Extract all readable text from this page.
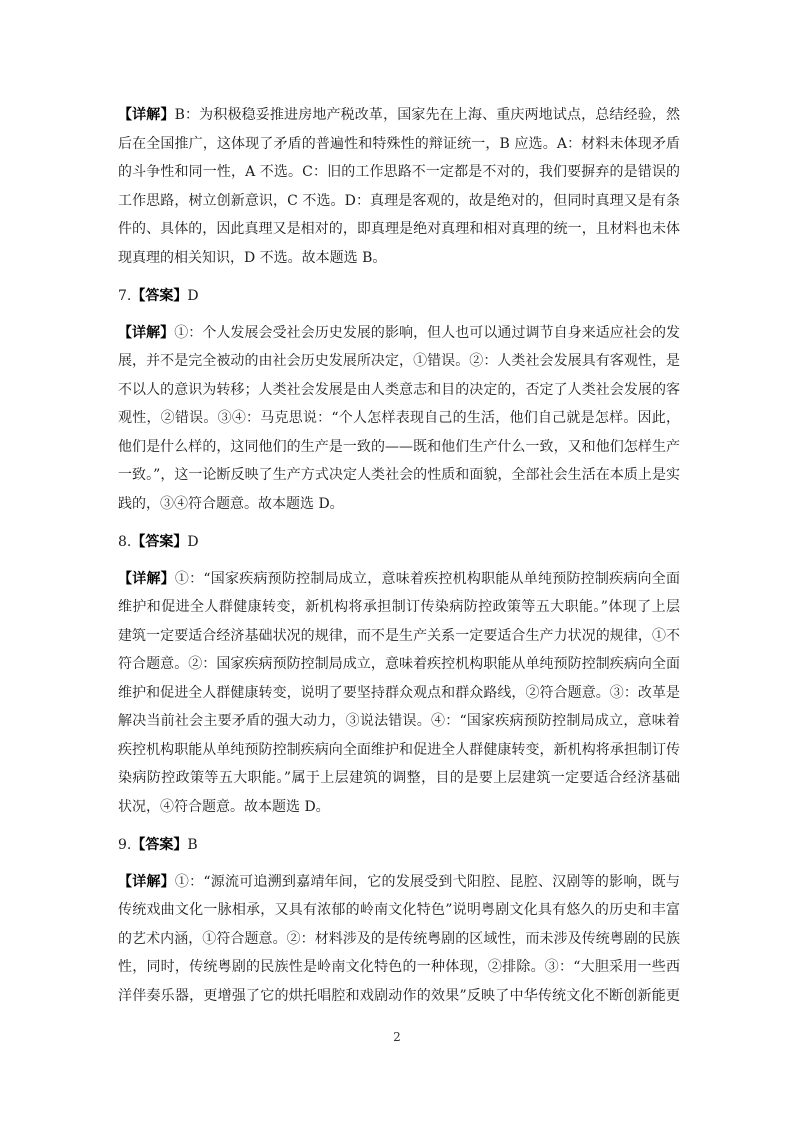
【详解】B：为积极稳妥推进房地产税改革，国家先在上海、重庆两地试点，总结经验，然
后在全国推广，这体现了矛盾的普遍性和特殊性的辩证统一，B 应选。A：材料未体现矛盾
的斗争性和同一性，A 不选。C：旧的工作思路不一定都是不对的，我们要摒弃的是错误的
工作思路，树立创新意识，C 不选。D：真理是客观的，故是绝对的，但同时真理又是有条
件的、具体的，因此真理又是相对的，即真理是绝对真理和相对真理的统一，且材料也未体
现真理的相关知识，D 不选。故本题选 B。
7.【答案】D
【详解】①：个人发展会受社会历史发展的影响，但人也可以通过调节自身来适应社会的发
展，并不是完全被动的由社会历史发展所决定，①错误。②：人类社会发展具有客观性，是
不以人的意识为转移；人类社会发展是由人类意志和目的决定的，否定了人类社会发展的客
观性，②错误。③④：马克思说：“个人怎样表现自己的生活，他们自己就是怎样。因此，
他们是什么样的，这同他们的生产是一致的——既和他们生产什么一致，又和他们怎样生产
一致。”，这一论断反映了生产方式决定人类社会的性质和面貌，全部社会生活在本质上是实
践的，③④符合题意。故本题选 D。
8.【答案】D
【详解】①：“国家疾病预防控制局成立，意味着疾控机构职能从单纯预防控制疾病向全面
维护和促进全人群健康转变，新机构将承担制订传染病防控政策等五大职能。”体现了上层
建筑一定要适合经济基础状况的规律，而不是生产关系一定要适合生产力状况的规律，①不
符合题意。②：国家疾病预防控制局成立，意味着疾控机构职能从单纯预防控制疾病向全面
维护和促进全人群健康转变，说明了要坚持群众观点和群众路线，②符合题意。③：改革是
解决当前社会主要矛盾的强大动力，③说法错误。④：“国家疾病预防控制局成立，意味着
疾控机构职能从单纯预防控制疾病向全面维护和促进全人群健康转变，新机构将承担制订传
染病防控政策等五大职能。”属于上层建筑的调整，目的是要上层建筑一定要适合经济基础
状况，④符合题意。故本题选 D。
9.【答案】B
【详解】①：“源流可追溯到嘉靖年间，它的发展受到弋阳腔、昆腔、汉剧等的影响，既与
传统戏曲文化一脉相承，又具有浓郁的岭南文化特色”说明粤剧文化具有悠久的历史和丰富
的艺术内涵，①符合题意。②：材料涉及的是传统粤剧的区域性，而未涉及传统粤剧的民族
性，同时，传统粤剧的民族性是岭南文化特色的一种体现，②排除。③：“大胆采用一些西
洋伴奏乐器，更增强了它的烘托唱腔和戏剧动作的效果”反映了中华传统文化不断创新能更
2
